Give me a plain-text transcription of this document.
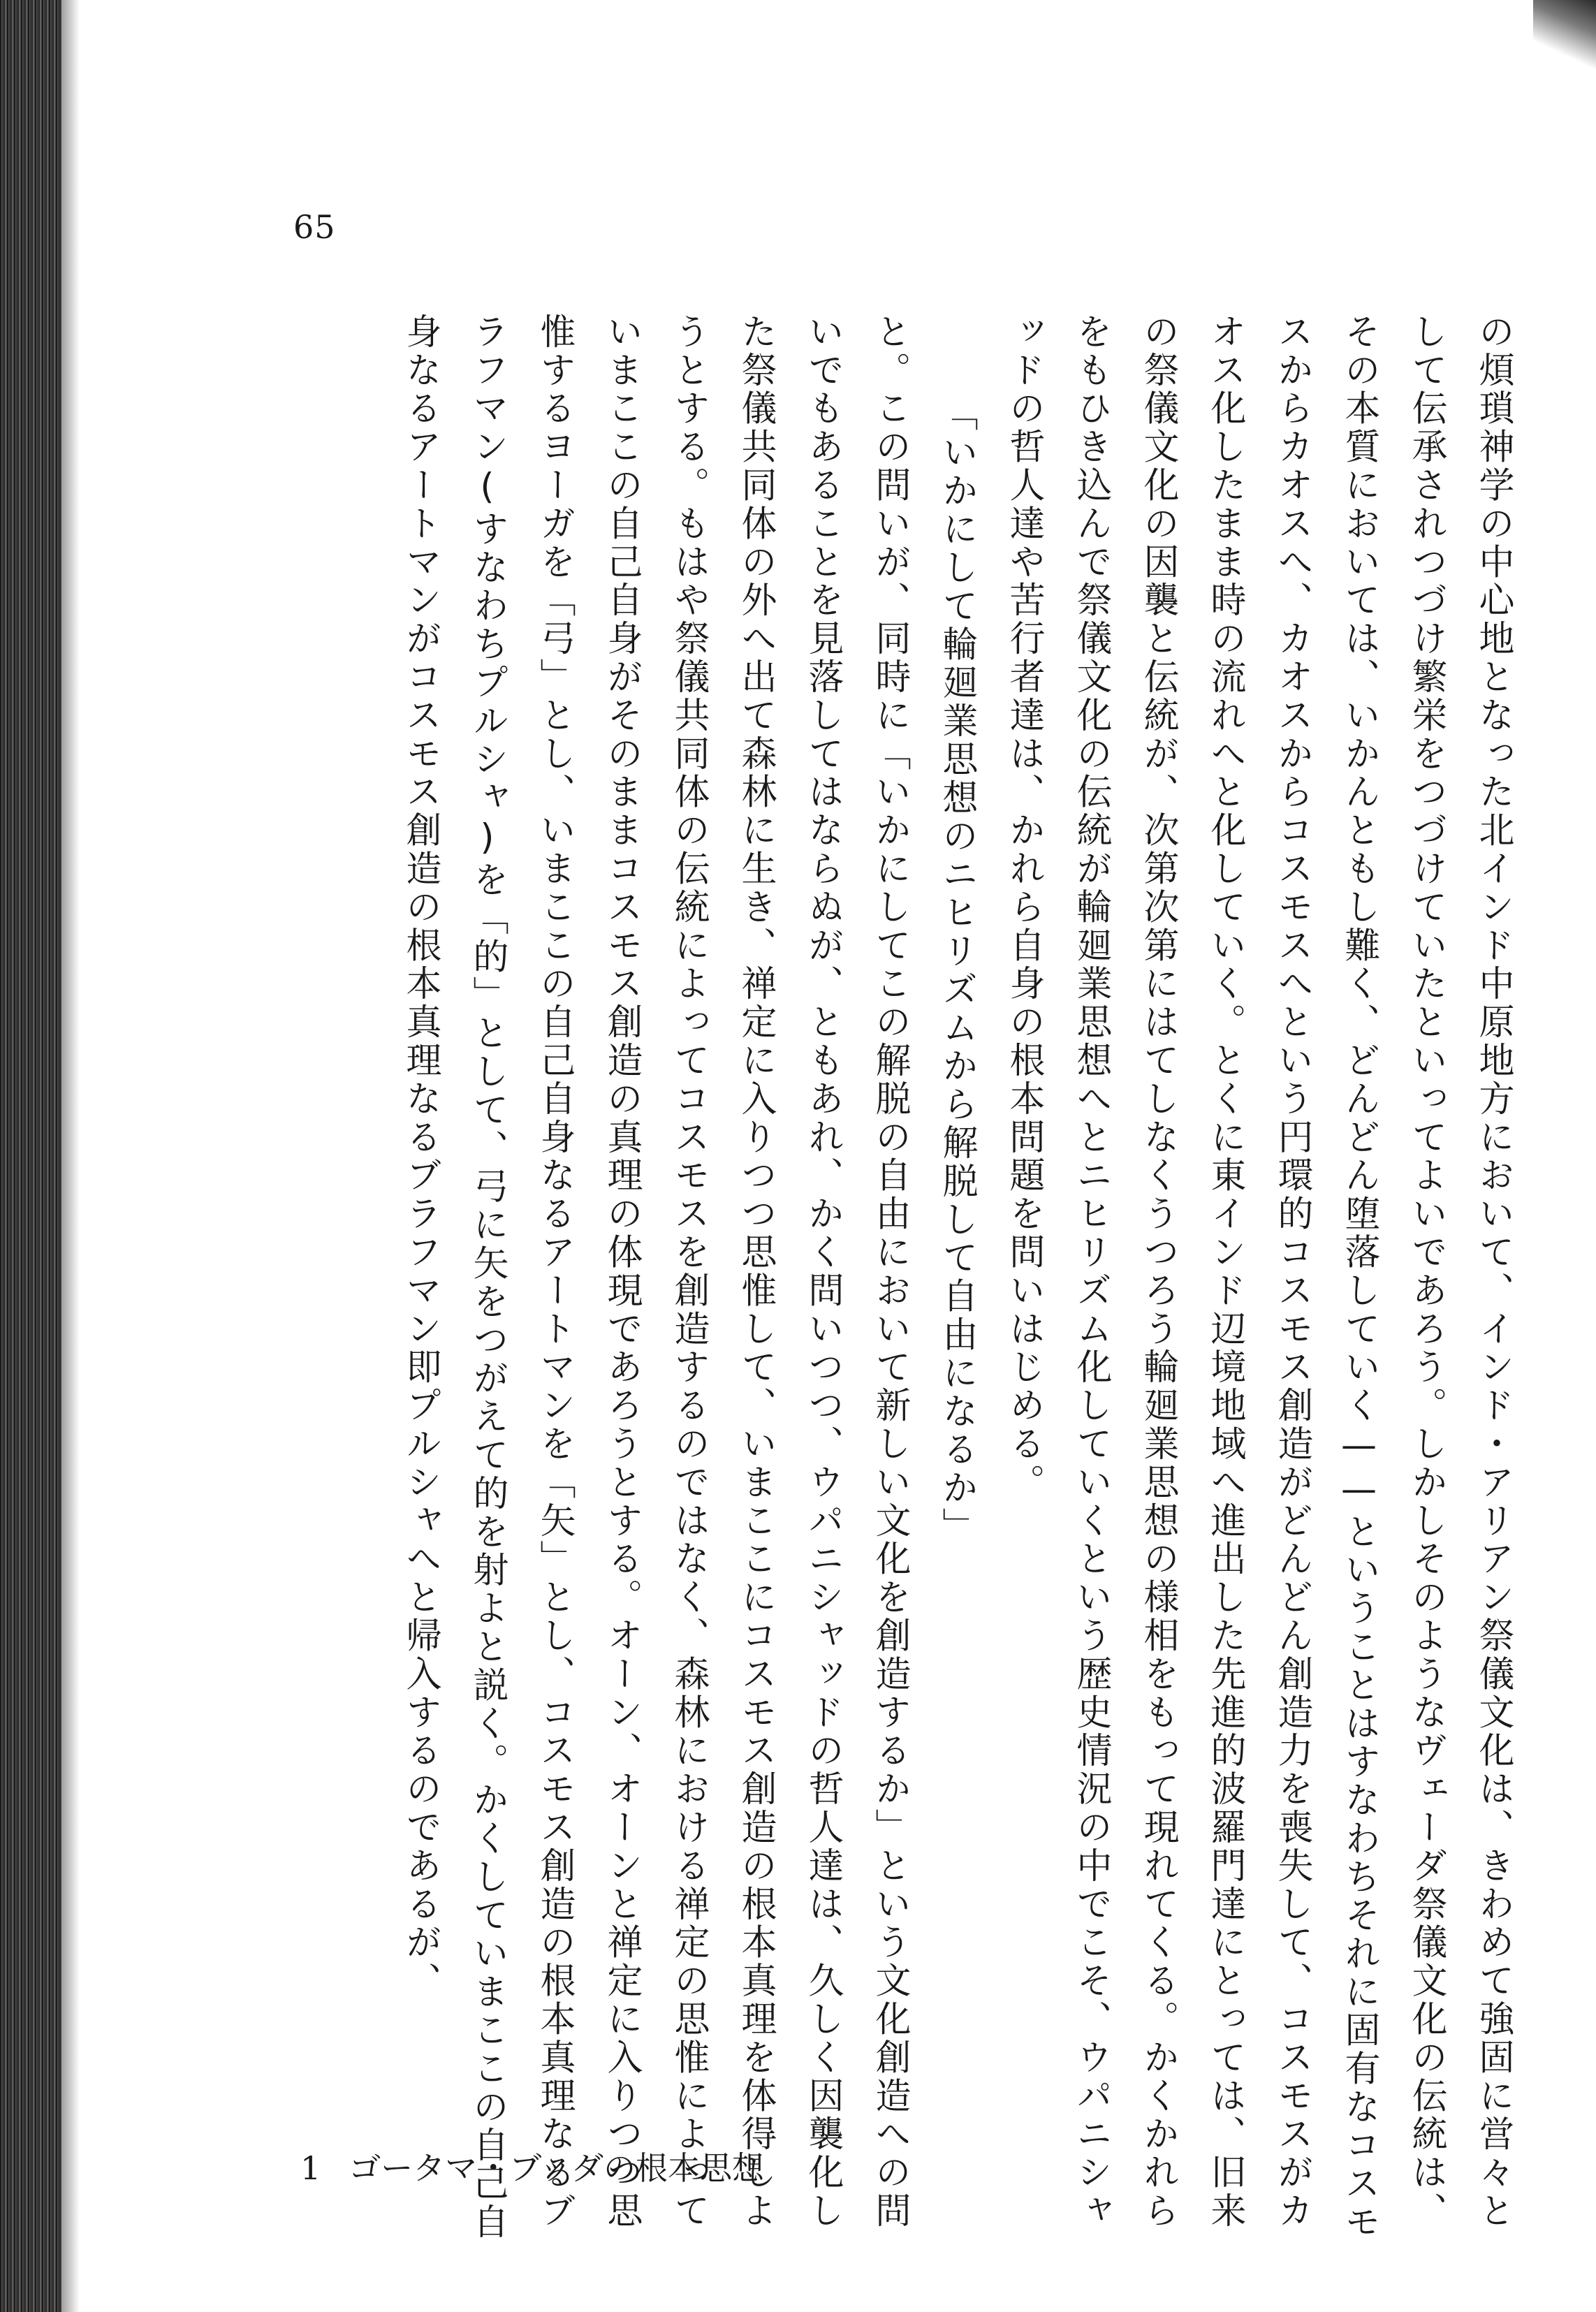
65

の煩瑣神学の中心地となった北インド中原地方において、インド・アリアン祭儀文化は、きわめて強固に営々として伝承されつづけ繁栄をつづけていたといってよいであろう。しかしそのようなヴェーダ祭儀文化の伝統は、その本質においては、いかんともし難く、どんどん堕落していく——ということはすなわちそれに固有なコスモスからカオスへ、カオスからコスモスへという円環的コスモス創造がどんどん創造力を喪失して、コスモスがカオス化したまま時の流れへと化していく。とくに東インド辺境地域へ進出した先進的波羅門達にとっては、旧来の祭儀文化の因襲と伝統が、次第次第にはてしなくうつろう輪廻業思想の様相をもって現れてくる。かくかれらをもひき込んで祭儀文化の伝統が輪廻業思想へとニヒリズム化していくという歴史情況の中でこそ、ウパニシャッドの哲人達や苦行者達は、かれら自身の根本問題を問いはじめる。

「いかにして輪廻業思想のニヒリズムから解脱して自由になるか」

と。この問いが、同時に「いかにしてこの解脱の自由において新しい文化を創造するか」という文化創造への問いでもあることを見落してはならぬが、ともあれ、かく問いつつ、ウパニシャッドの哲人達は、久しく因襲化した祭儀共同体の外へ出て森林に生き、禅定に入りつつ思惟して、いまここにコスモス創造の根本真理を体得しようとする。もはや祭儀共同体の伝統によってコスモスを創造するのではなく、森林における禅定の思惟によっていまここの自己自身がそのままコスモス創造の真理の体現であろうとする。オーン、オーンと禅定に入りつつ思惟するヨーガを「弓」とし、いまここの自己自身なるアートマンを「矢」とし、コスモス創造の根本真理なるブラフマン(すなわちプルシャ)を「的」として、弓に矢をつがえて的を射よと説く。かくしていまここの自己自身なるアートマンがコスモス創造の根本真理なるブラフマン即プルシャへと帰入するのであるが、

1 ゴータマ・ブッダの根本思想
